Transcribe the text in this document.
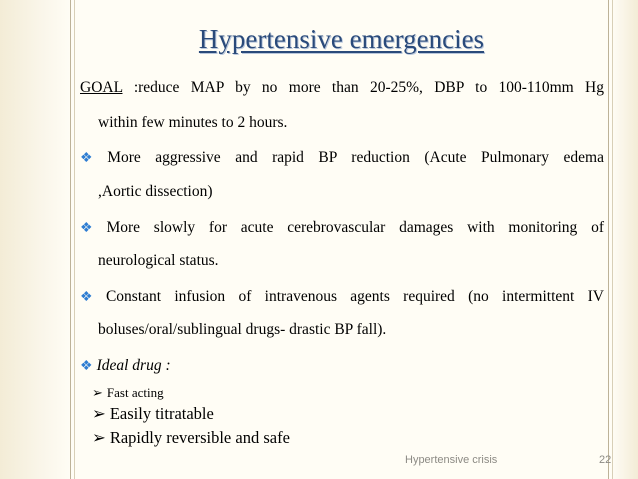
Hypertensive emergencies
GOAL :reduce MAP by no more than 20-25%, DBP to 100-110mm Hg
within few minutes to 2 hours.
❖ More aggressive and rapid BP reduction (Acute Pulmonary edema
,Aortic dissection)
❖ More slowly for acute cerebrovascular damages with monitoring of
neurological status.
❖ Constant infusion of intravenous agents required (no intermittent IV
boluses/oral/sublingual drugs- drastic BP fall).
❖ Ideal drug :
➢ Fast acting
➢ Easily titratable
➢ Rapidly reversible and safe
Hypertensive crisis	22
